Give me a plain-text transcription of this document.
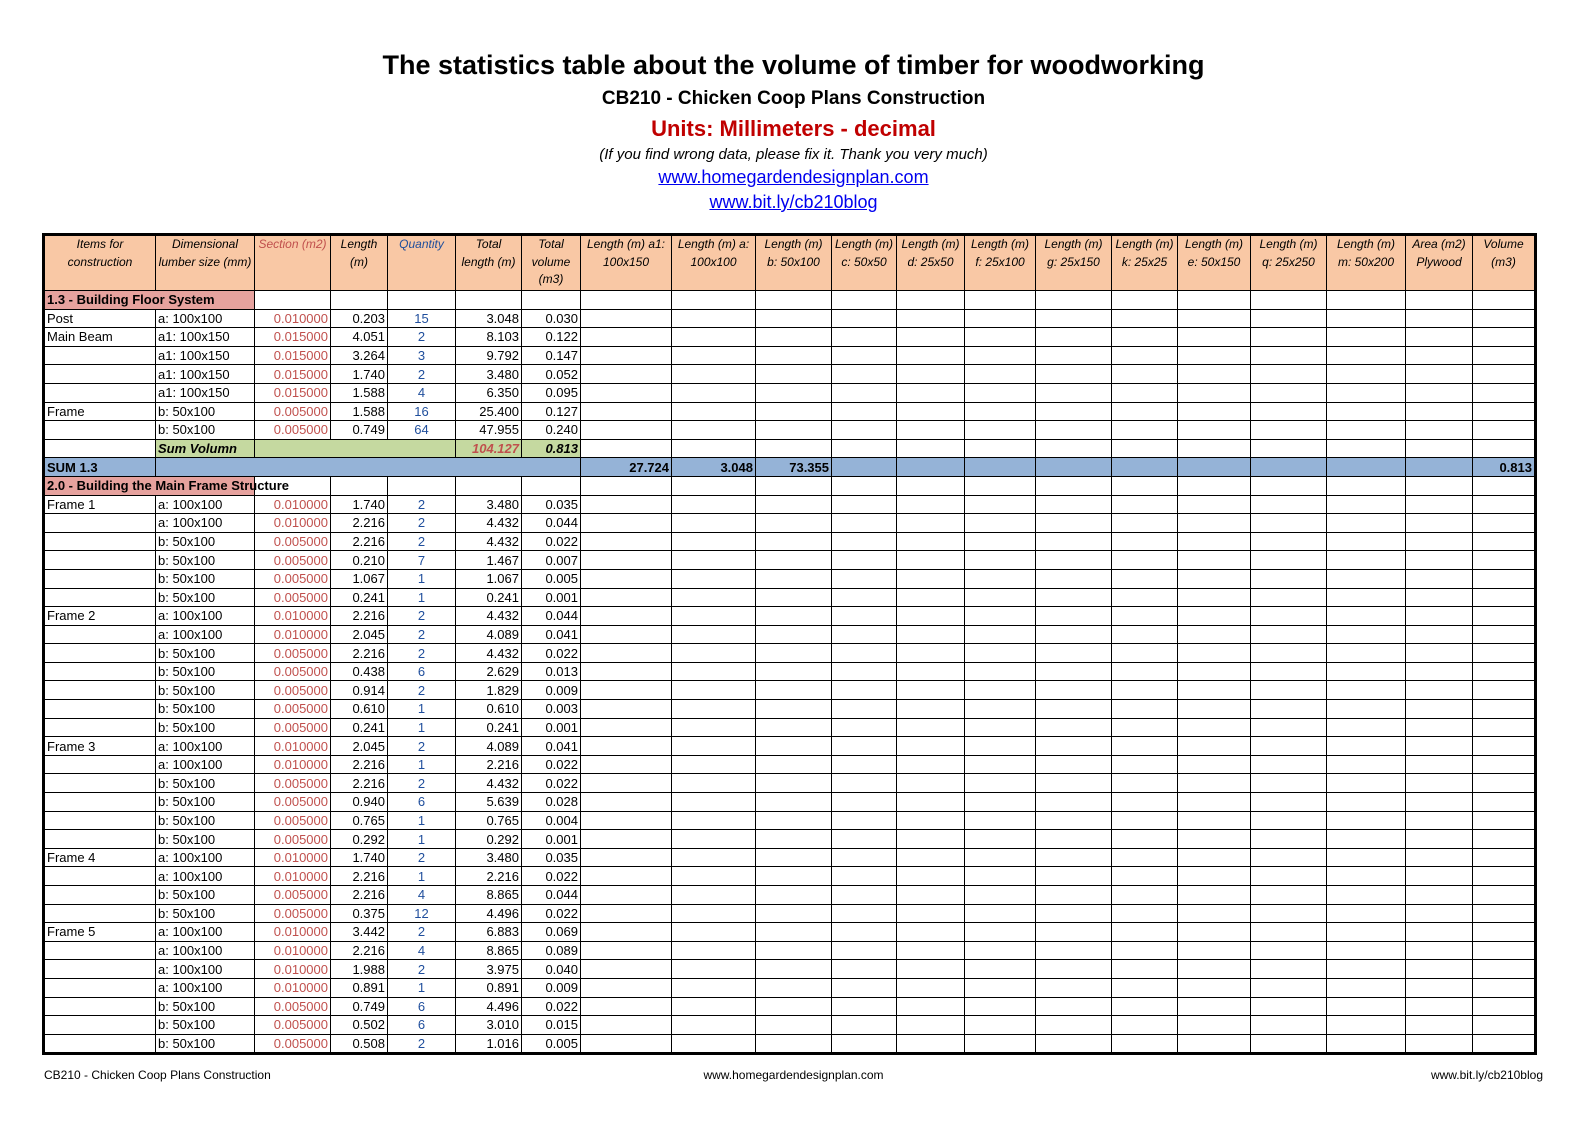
The statistics table about the volume of timber for woodworking
CB210 - Chicken Coop Plans Construction
Units: Millimeters - decimal
(If you find wrong data, please fix it. Thank you very much)
www.homegardendesignplan.com
www.bit.ly/cb210blog
Items for construction	Dimensional lumber size (mm)	Section (m2)	Length (m)	Quantity	Total length (m)	Total volume (m3)	Length (m) a1: 100x150	Length (m) a: 100x100	Length (m) b: 50x100	Length (m) c: 50x50	Length (m) d: 25x50	Length (m) f: 25x100	Length (m) g: 25x150	Length (m) k: 25x25	Length (m) e: 50x150	Length (m) q: 25x250	Length (m) m: 50x200	Area (m2) Plywood	Volume (m3)
1.3 - Building Floor System																			
Post	a: 100x100	0.010000	0.203	15	3.048	0.030													
Main Beam	a1: 100x150	0.015000	4.051	2	8.103	0.122													
	a1: 100x150	0.015000	3.264	3	9.792	0.147													
	a1: 100x150	0.015000	1.740	2	3.480	0.052													
	a1: 100x150	0.015000	1.588	4	6.350	0.095													
Frame	b: 50x100	0.005000	1.588	16	25.400	0.127													
	b: 50x100	0.005000	0.749	64	47.955	0.240													
	Sum Volumn				104.127	0.813													
SUM 1.3							27.724	3.048	73.355										0.813
2.0 - Building the Main Frame Structure																			
Frame 1	a: 100x100	0.010000	1.740	2	3.480	0.035													
	a: 100x100	0.010000	2.216	2	4.432	0.044													
	b: 50x100	0.005000	2.216	2	4.432	0.022													
	b: 50x100	0.005000	0.210	7	1.467	0.007													
	b: 50x100	0.005000	1.067	1	1.067	0.005													
	b: 50x100	0.005000	0.241	1	0.241	0.001													
Frame 2	a: 100x100	0.010000	2.216	2	4.432	0.044													
	a: 100x100	0.010000	2.045	2	4.089	0.041													
	b: 50x100	0.005000	2.216	2	4.432	0.022													
	b: 50x100	0.005000	0.438	6	2.629	0.013													
	b: 50x100	0.005000	0.914	2	1.829	0.009													
	b: 50x100	0.005000	0.610	1	0.610	0.003													
	b: 50x100	0.005000	0.241	1	0.241	0.001													
Frame 3	a: 100x100	0.010000	2.045	2	4.089	0.041													
	a: 100x100	0.010000	2.216	1	2.216	0.022													
	b: 50x100	0.005000	2.216	2	4.432	0.022													
	b: 50x100	0.005000	0.940	6	5.639	0.028													
	b: 50x100	0.005000	0.765	1	0.765	0.004													
	b: 50x100	0.005000	0.292	1	0.292	0.001													
Frame 4	a: 100x100	0.010000	1.740	2	3.480	0.035													
	a: 100x100	0.010000	2.216	1	2.216	0.022													
	b: 50x100	0.005000	2.216	4	8.865	0.044													
	b: 50x100	0.005000	0.375	12	4.496	0.022													
Frame 5	a: 100x100	0.010000	3.442	2	6.883	0.069													
	a: 100x100	0.010000	2.216	4	8.865	0.089													
	a: 100x100	0.010000	1.988	2	3.975	0.040													
	a: 100x100	0.010000	0.891	1	0.891	0.009													
	b: 50x100	0.005000	0.749	6	4.496	0.022													
	b: 50x100	0.005000	0.502	6	3.010	0.015													
	b: 50x100	0.005000	0.508	2	1.016	0.005													
CB210 - Chicken Coop Plans Construction	www.homegardendesignplan.com	www.bit.ly/cb210blog
